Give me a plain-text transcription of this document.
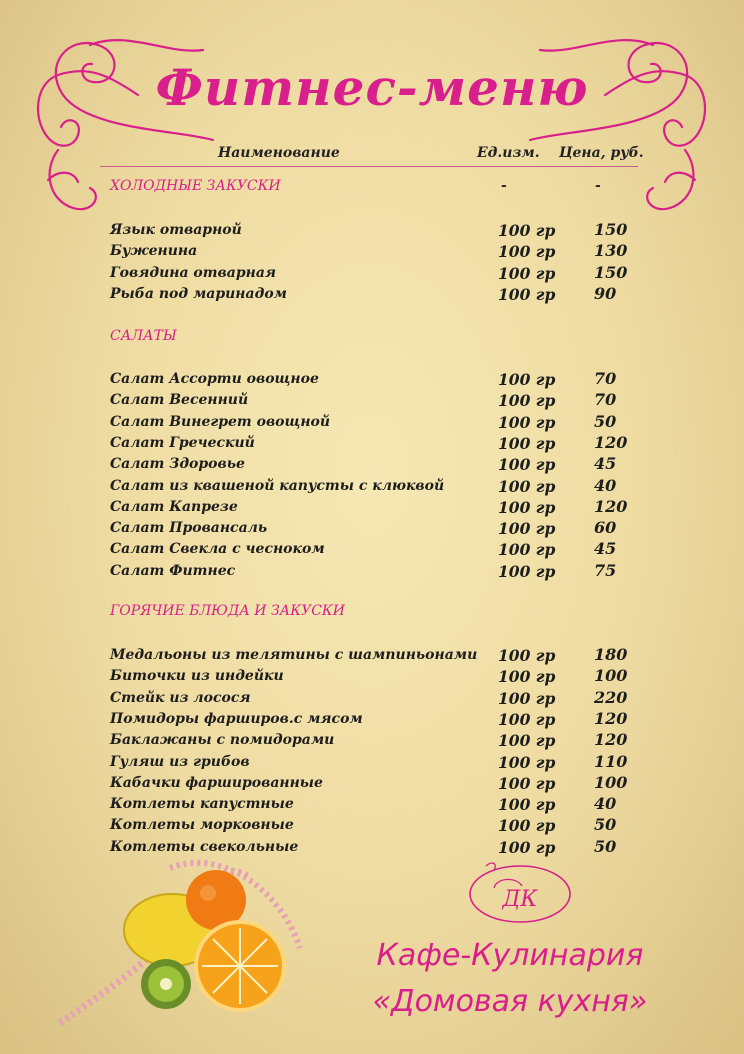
Фитнес-меню
Наименование	Ед.изм. Цена, руб.
ХОЛОДНЫЕ ЗАКУСКИ	-	-
Язык отварной	100 гр 150
Буженина	100 гр 130
Говядина отварная	100 гр 150
Рыба под маринадом	100 гр 90
САЛАТЫ
Салат Ассорти овощное	100 гр 70
Салат Весенний	100 гр 70
Салат Винегрет овощной	100 гр 50
Салат Греческий	100 гр 120
Салат Здоровье	100 гр 45
Салат из квашеной капусты с клюквой	100 гр 40
Салат Капрезе	100 гр 120
Салат Провансаль	100 гр 60
Салат Свекла с чесноком	100 гр 45
Салат Фитнес	100 гр 75
ГОРЯЧИЕ БЛЮДА И ЗАКУСКИ
Медальоны из телятины с шампиньонами 100 гр 180
Биточки из индейки	100 гр 100
Стейк из лосося	100 гр 220
Помидоры фарширов.с мясом	100 гр 120
Баклажаны с помидорами	100 гр 120
Гуляш из грибов	100 гр 110
Кабачки фаршированные	100 гр 100
Котлеты капустные	100 гр 40
Котлеты морковные	100 гр 50
Котлеты свекольные	100 гр 50
ДК
Кафе-Кулинария
«Домовая кухня»
